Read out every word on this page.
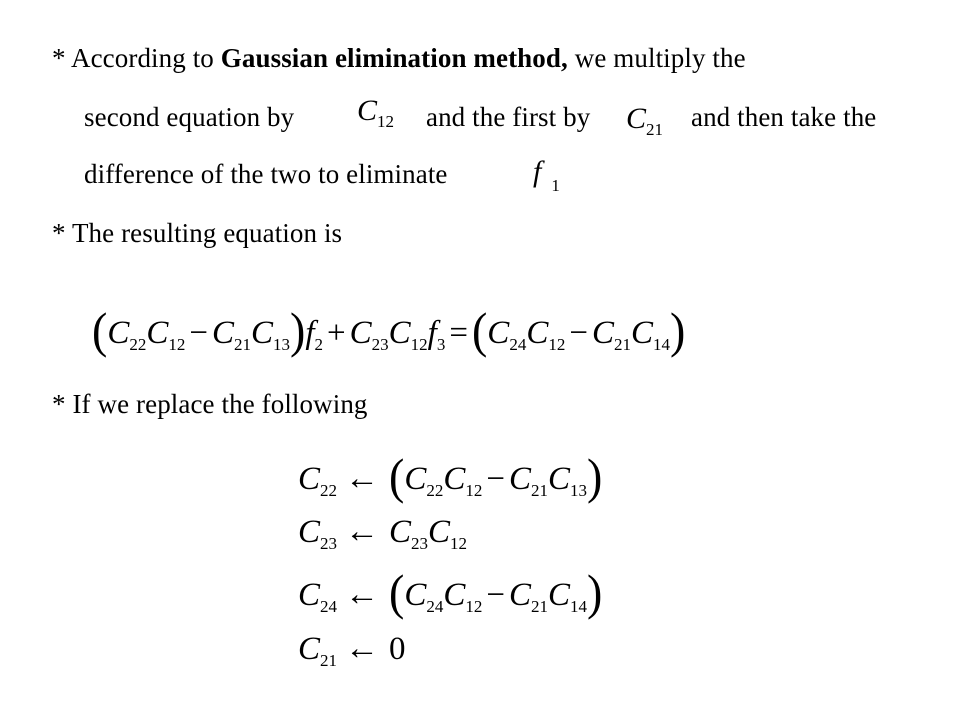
* According to Gaussian elimination method, we multiply the
second equation by $C_{12}$ and the first by $C_{21}$ and then take the
difference of the two to eliminate	f $_1$
* The resulting equation is
$(C_{22}C_{12} - C_{21}C_{13})f_2 + C_{23}C_{12}f_3 =(C_{24}C_{12} - C_{21}C_{14})$
* If we replace the following
$C_{22}$ ← $(C_{22}C_{12} - C_{21}C_{13})$
$C_{23}$ ← $C_{23}C_{12}$
$C_{24}$ ← $(C_{24}C_{12} - C_{21}C_{14})$
$C_{21}$ ← 0
